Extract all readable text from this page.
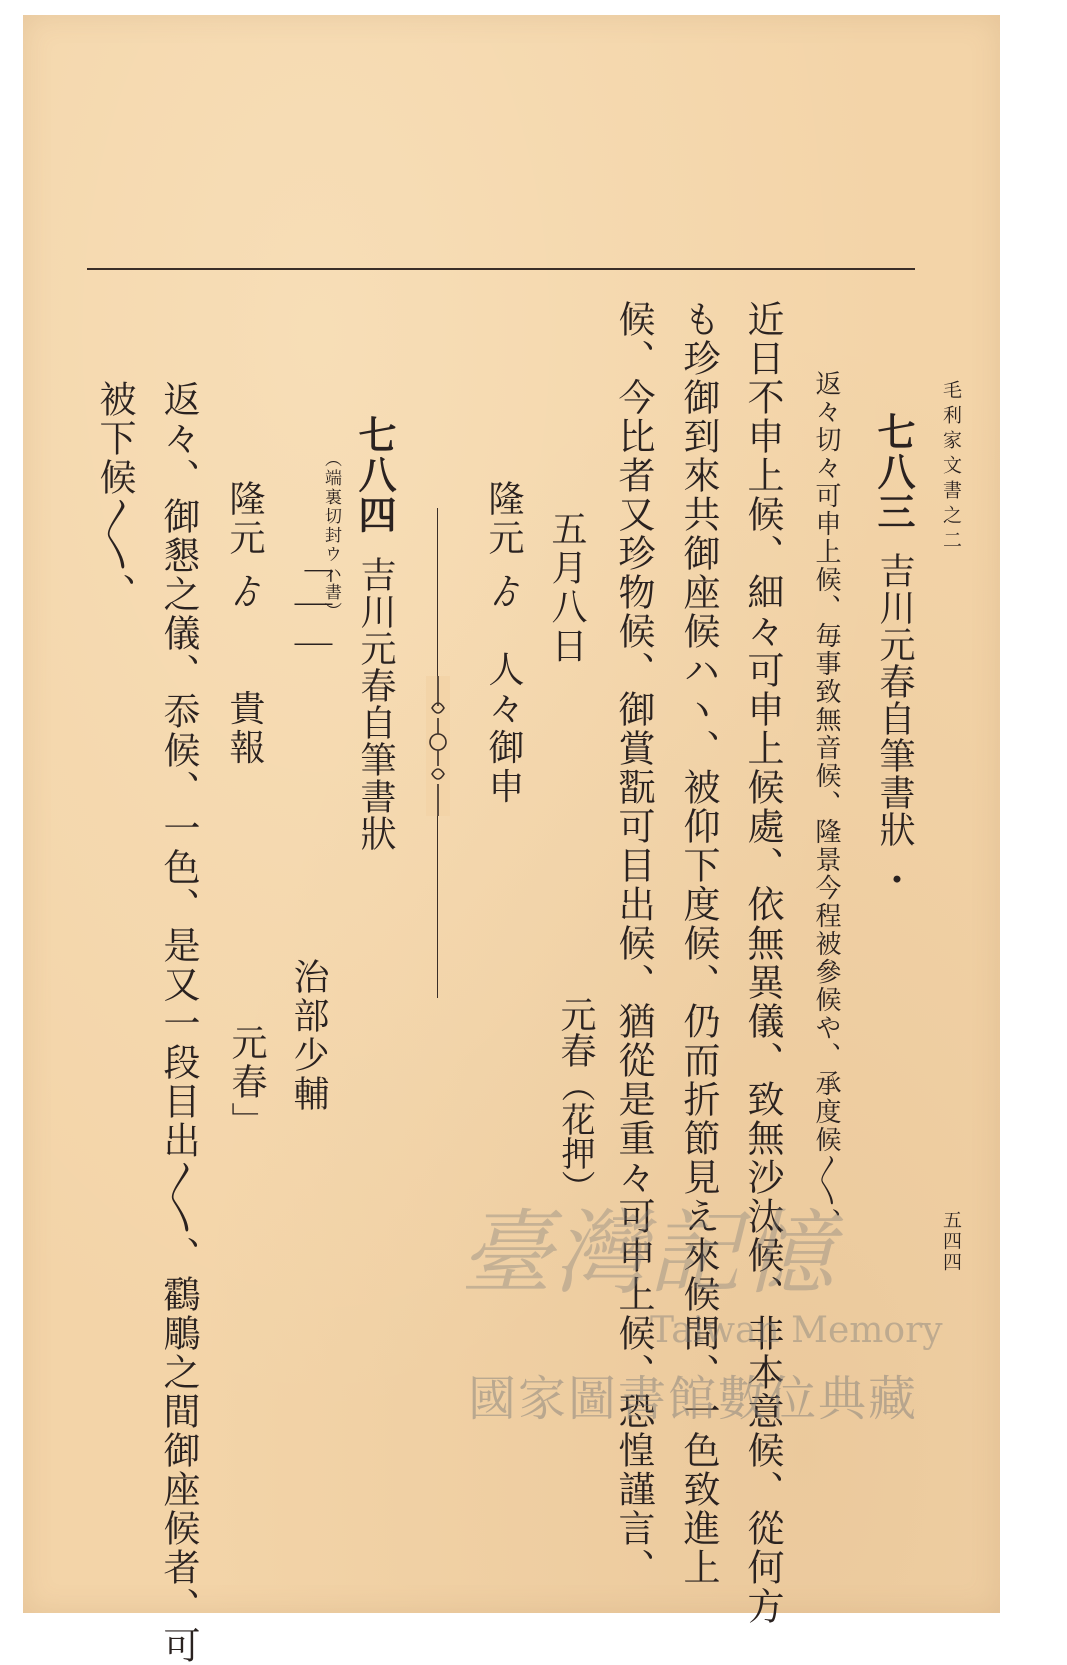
毛利家文書之二
五四四
七八三
吉川元春自筆書狀
•
返々切々可申上候、毎事致無音候、隆景今程被參候や、承度候〱、
近日不申上候、細々可申上候處、依無異儀、致無沙汰候、非本意候、從何方
も珍御到來共御座候ハヽ、被仰下度候、仍而折節見え來候間、一色致進上
候、今比者又珍物候、御賞翫可目出候、猶從是重々可申上候、恐惶謹言、
五月八日
元春（花押）
隆元 ゟ　人々御申
七八四
吉川元春自筆書狀
（端裏切封ウハ書）
「｜｜
隆元 ゟ　　貴報
治部少輔
元春」
返々、御懇之儀、忝候、一色、是又一段目出〱、鸖鵰之間御座候者、可
被下候〱、
臺灣記憶
Taiwan Memory
國家圖書館數位典藏
